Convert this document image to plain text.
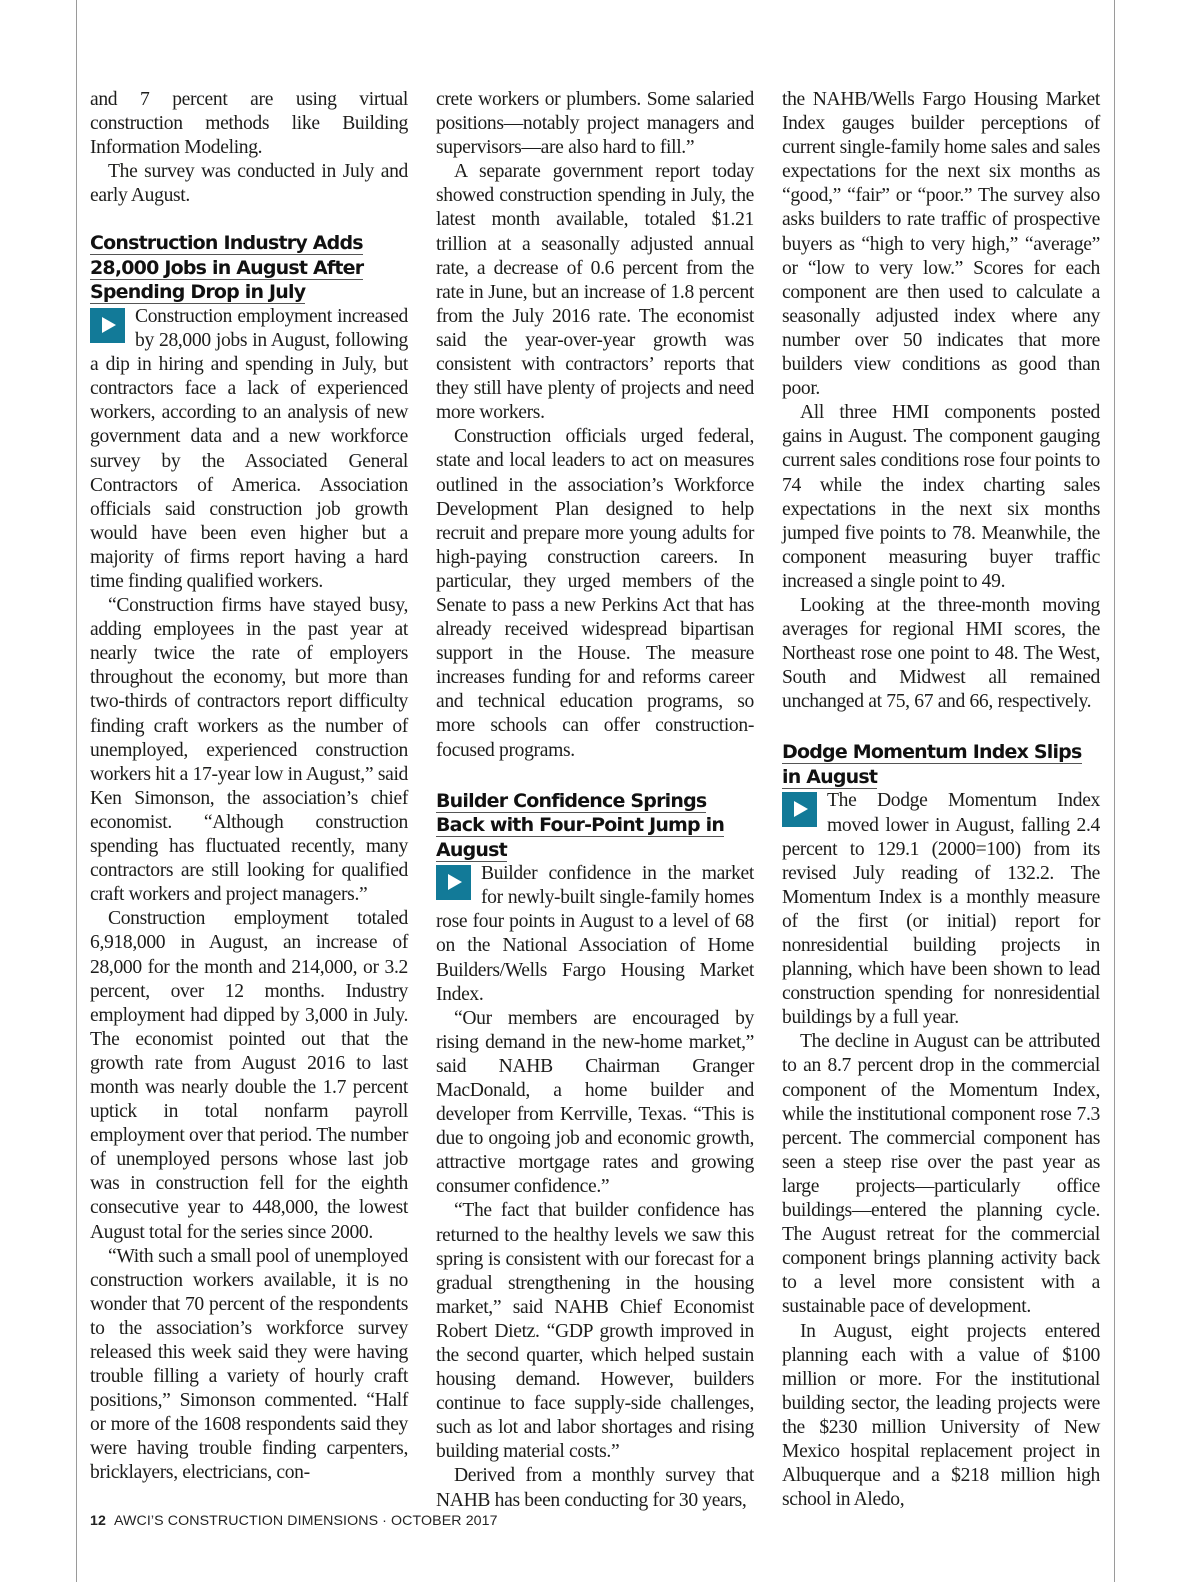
and 7 percent are using virtual construction methods like Building Information Modeling.

The survey was conducted in July and early August.

Construction Industry Adds 28,000 Jobs in August After Spending Drop in July

Construction employment increased by 28,000 jobs in August, following a dip in hiring and spending in July, but contractors face a lack of experienced workers, according to an analysis of new government data and a new workforce survey by the Associated General Contractors of America. Association officials said construction job growth would have been even higher but a majority of firms report having a hard time finding qualified workers.

“Construction firms have stayed busy, adding employees in the past year at nearly twice the rate of employers throughout the economy, but more than two-thirds of contractors report difficulty finding craft workers as the number of unemployed, experienced construction workers hit a 17-year low in August,” said Ken Simonson, the association’s chief economist. “Although construction spending has fluctuated recently, many contractors are still looking for qualified craft workers and project managers.”

Construction employment totaled 6,918,000 in August, an increase of 28,000 for the month and 214,000, or 3.2 percent, over 12 months. Industry employment had dipped by 3,000 in July. The economist pointed out that the growth rate from August 2016 to last month was nearly double the 1.7 percent uptick in total nonfarm payroll employment over that period. The number of unemployed persons whose last job was in construction fell for the eighth consecutive year to 448,000, the lowest August total for the series since 2000.

“With such a small pool of unemployed construction workers available, it is no wonder that 70 percent of the respondents to the association’s workforce survey released this week said they were having trouble filling a variety of hourly craft positions,” Simonson commented. “Half or more of the 1608 respondents said they were having trouble finding carpenters, bricklayers, electricians, con-

crete workers or plumbers. Some salaried positions—notably project managers and supervisors—are also hard to fill.”

A separate government report today showed construction spending in July, the latest month available, totaled $1.21 trillion at a seasonally adjusted annual rate, a decrease of 0.6 percent from the rate in June, but an increase of 1.8 percent from the July 2016 rate. The economist said the year-over-year growth was consistent with contractors’ reports that they still have plenty of projects and need more workers.

Construction officials urged federal, state and local leaders to act on measures outlined in the association’s Workforce Development Plan designed to help recruit and prepare more young adults for high-paying construction careers. In particular, they urged members of the Senate to pass a new Perkins Act that has already received widespread bipartisan support in the House. The measure increases funding for and reforms career and technical education programs, so more schools can offer construction-focused programs.

Builder Confidence Springs Back with Four-Point Jump in August

Builder confidence in the market for newly-built single-family homes rose four points in August to a level of 68 on the National Association of Home Builders/Wells Fargo Housing Market Index.

“Our members are encouraged by rising demand in the new-home market,” said NAHB Chairman Granger MacDonald, a home builder and developer from Kerrville, Texas. “This is due to ongoing job and economic growth, attractive mortgage rates and growing consumer confidence.”

“The fact that builder confidence has returned to the healthy levels we saw this spring is consistent with our forecast for a gradual strengthening in the housing market,” said NAHB Chief Economist Robert Dietz. “GDP growth improved in the second quarter, which helped sustain housing demand. However, builders continue to face supply-side challenges, such as lot and labor shortages and rising building material costs.”

Derived from a monthly survey that NAHB has been conducting for 30 years,

the NAHB/Wells Fargo Housing Market Index gauges builder perceptions of current single-family home sales and sales expectations for the next six months as “good,” “fair” or “poor.” The survey also asks builders to rate traffic of prospective buyers as “high to very high,” “average” or “low to very low.” Scores for each component are then used to calculate a seasonally adjusted index where any number over 50 indicates that more builders view conditions as good than poor.

All three HMI components posted gains in August. The component gauging current sales conditions rose four points to 74 while the index charting sales expectations in the next six months jumped five points to 78. Meanwhile, the component measuring buyer traffic increased a single point to 49.

Looking at the three-month moving averages for regional HMI scores, the Northeast rose one point to 48. The West, South and Midwest all remained unchanged at 75, 67 and 66, respectively.

Dodge Momentum Index Slips in August

The Dodge Momentum Index moved lower in August, falling 2.4 percent to 129.1 (2000=100) from its revised July reading of 132.2. The Momentum Index is a monthly measure of the first (or initial) report for nonresidential building projects in planning, which have been shown to lead construction spending for nonresidential buildings by a full year.

The decline in August can be attributed to an 8.7 percent drop in the commercial component of the Momentum Index, while the institutional component rose 7.3 percent. The commercial component has seen a steep rise over the past year as large projects—particularly office buildings—entered the planning cycle. The August retreat for the commercial component brings planning activity back to a level more consistent with a sustainable pace of development.

In August, eight projects entered planning each with a value of $100 million or more. For the institutional building sector, the leading projects were the $230 million University of New Mexico hospital replacement project in Albuquerque and a $218 million high school in Aledo,

12 AWCI’S CONSTRUCTION DIMENSIONS · OCTOBER 2017
